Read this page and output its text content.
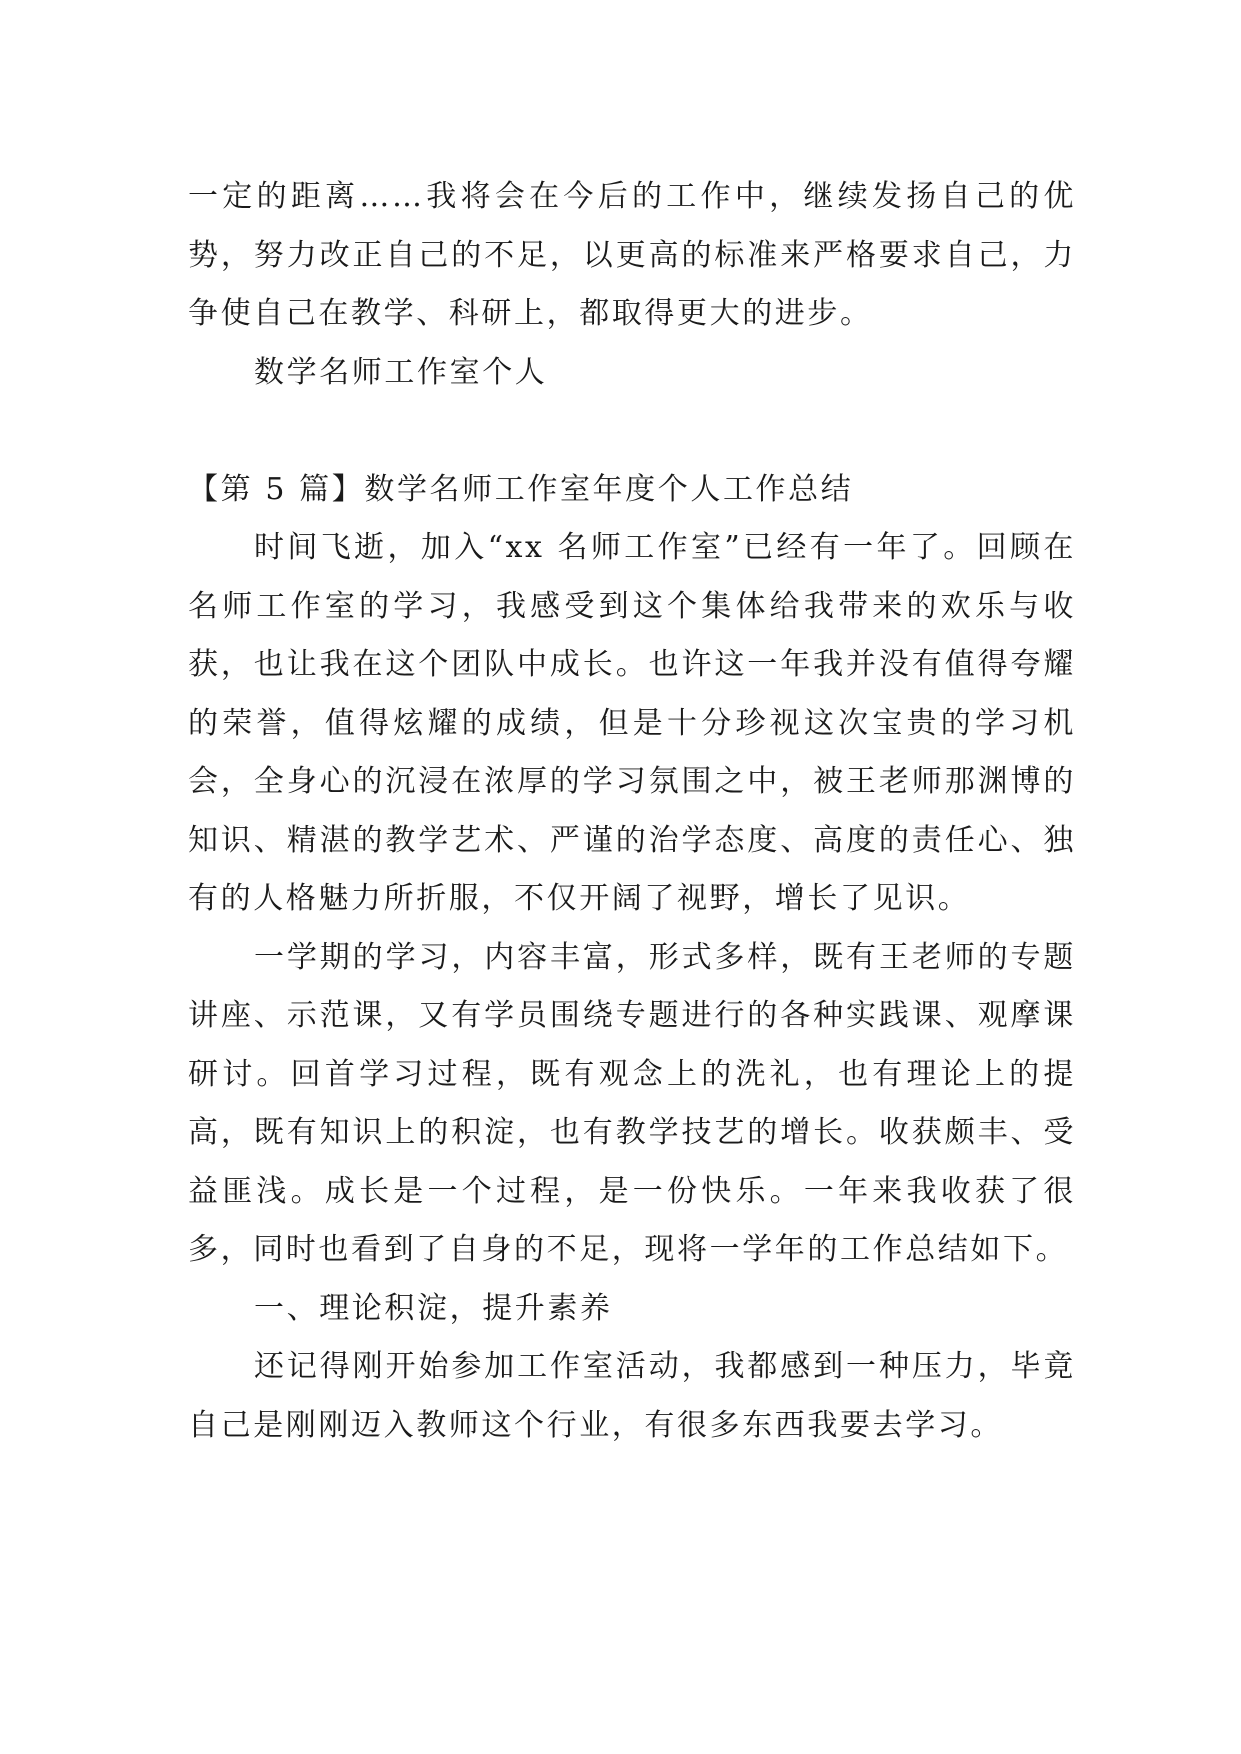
一定的距离……我将会在今后的工作中，继续发扬自己的优势，努力改正自己的不足，以更高的标准来严格要求自己，力争使自己在教学、科研上，都取得更大的进步。

数学名师工作室个人

【第 5 篇】数学名师工作室年度个人工作总结

时间飞逝，加入“xx 名师工作室”已经有一年了。回顾在名师工作室的学习，我感受到这个集体给我带来的欢乐与收获，也让我在这个团队中成长。也许这一年我并没有值得夸耀的荣誉，值得炫耀的成绩，但是十分珍视这次宝贵的学习机会，全身心的沉浸在浓厚的学习氛围之中，被王老师那渊博的知识、精湛的教学艺术、严谨的治学态度、高度的责任心、独有的人格魅力所折服，不仅开阔了视野，增长了见识。

一学期的学习，内容丰富，形式多样，既有王老师的专题讲座、示范课，又有学员围绕专题进行的各种实践课、观摩课研讨。回首学习过程，既有观念上的洗礼，也有理论上的提高，既有知识上的积淀，也有教学技艺的增长。收获颇丰、受益匪浅。成长是一个过程，是一份快乐。一年来我收获了很多，同时也看到了自身的不足，现将一学年的工作总结如下。

一、理论积淀，提升素养

还记得刚开始参加工作室活动，我都感到一种压力，毕竟自己是刚刚迈入教师这个行业，有很多东西我要去学习。
